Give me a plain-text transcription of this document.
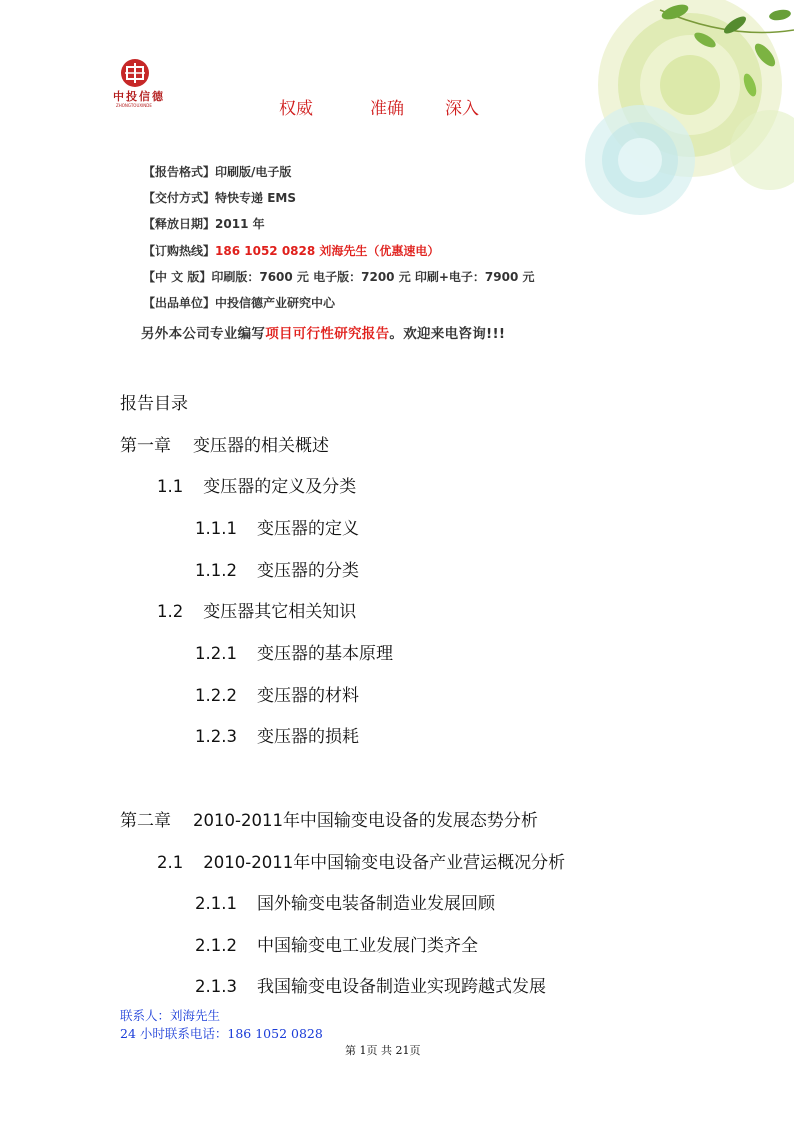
中投信德
ZHONGTOUXINDE	权威	准确 深入
【报告格式】印刷版/电子版
【交付方式】特快专递 EMS
【释放日期】2011 年
【订购热线】186 1052 0828 刘海先生（优惠速电）
【中 文 版】印刷版：7600 元 电子版：7200 元 印刷+电子：7900 元
【出品单位】中投信德产业研究中心
另外本公司专业编写项目可行性研究报告。欢迎来电咨询!!!
报告目录
第一章 变压器的相关概述
1.1 变压器的定义及分类
1.1.1 变压器的定义
1.1.2 变压器的分类
1.2 变压器其它相关知识
1.2.1 变压器的基本原理
1.2.2 变压器的材料
1.2.3 变压器的损耗
第二章 2010-2011年中国输变电设备的发展态势分析
2.1 2010-2011年中国输变电设备产业营运概况分析
2.1.1 国外输变电装备制造业发展回顾
2.1.2 中国输变电工业发展门类齐全
2.1.3 我国输变电设备制造业实现跨越式发展
联系人：刘海先生
24 小时联系电话：186 1052 0828
第 1页 共 21页
